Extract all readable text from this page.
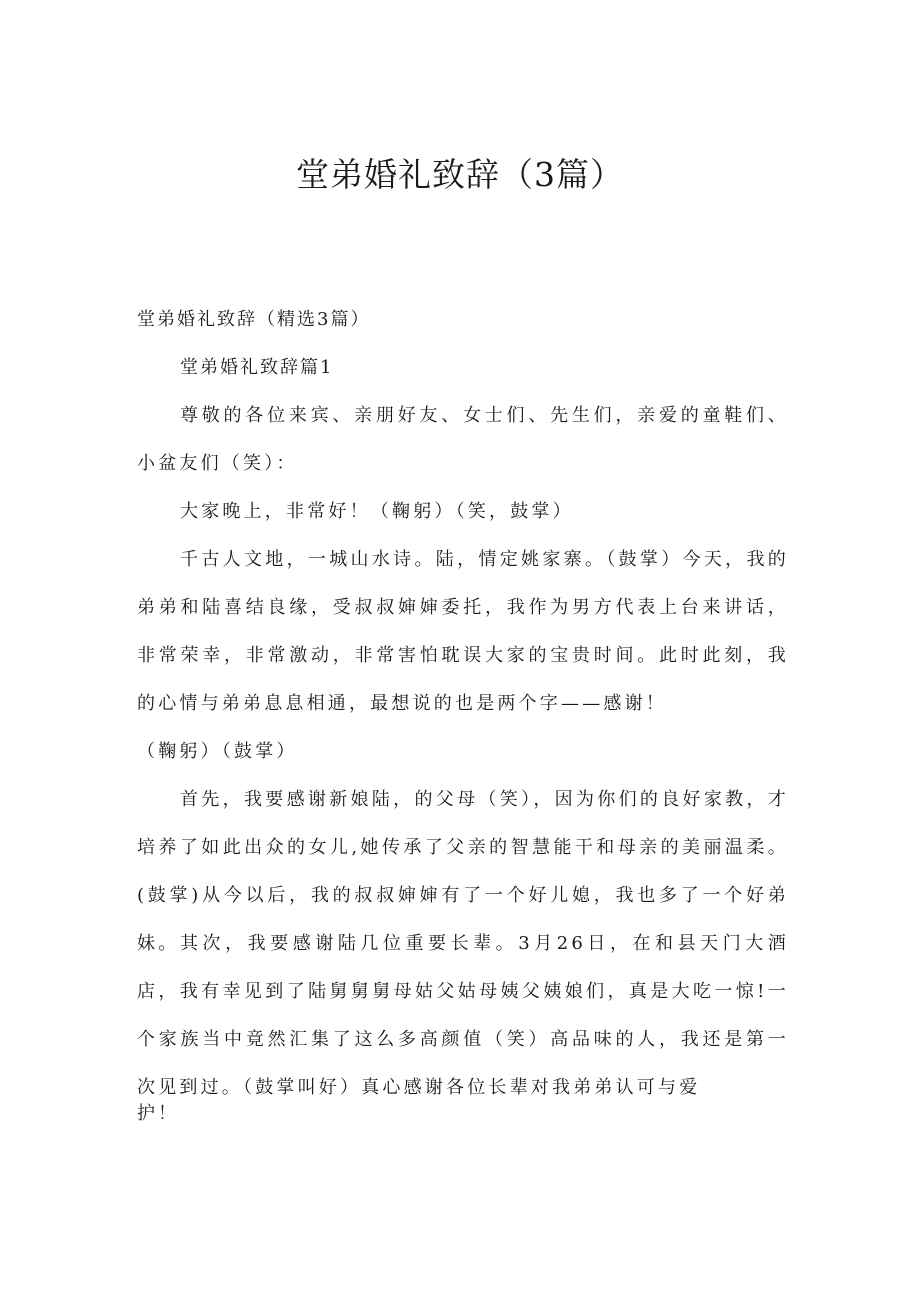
堂弟婚礼致辞（3篇）

堂弟婚礼致辞（精选3篇）

堂弟婚礼致辞篇1

尊敬的各位来宾、亲朋好友、女士们、先生们，亲爱的童鞋们、小盆友们（笑）：

大家晚上，非常好！（鞠躬）（笑，鼓掌）

千古人文地，一城山水诗。陆，情定姚家寨。（鼓掌）今天，我的弟弟和陆喜结良缘，受叔叔婶婶委托，我作为男方代表上台来讲话，非常荣幸，非常激动，非常害怕耽误大家的宝贵时间。此时此刻，我的心情与弟弟息息相通，最想说的也是两个字——感谢！

（鞠躬）（鼓掌）

首先，我要感谢新娘陆，的父母（笑），因为你们的良好家教，才培养了如此出众的女儿,她传承了父亲的智慧能干和母亲的美丽温柔。(鼓掌)从今以后，我的叔叔婶婶有了一个好儿媳，我也多了一个好弟妹。 其次，我要感谢陆几位重要长辈。3月26日，在和县天门大酒店，我有幸见到了陆舅舅舅母姑父姑母姨父姨娘们，真是大吃一惊!一个家族当中竟然汇集了这么多高颜值（笑）高品味的人，我还是第一次见到过。（鼓掌叫好）真心感谢各位长辈对我弟弟认可与爱

护！
